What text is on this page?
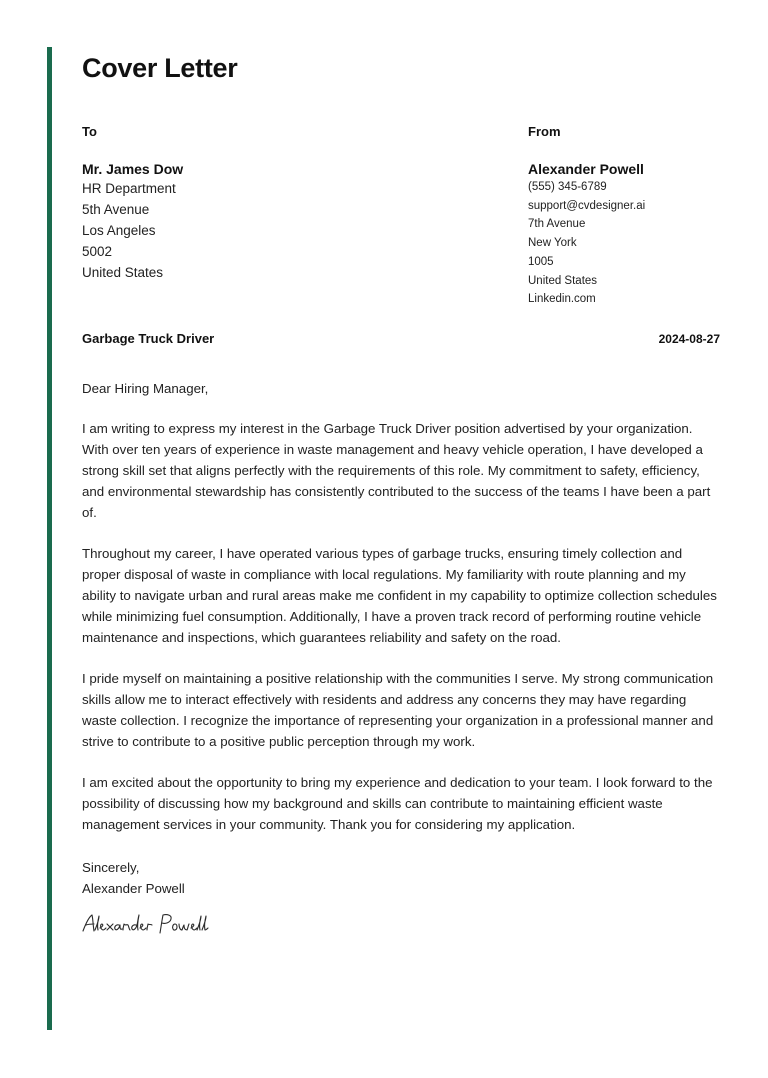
Cover Letter
To
Mr. James Dow
HR Department
5th Avenue
Los Angeles
5002
United States
From
Alexander Powell
(555) 345-6789
support@cvdesigner.ai
7th Avenue
New York
1005
United States
Linkedin.com
Garbage Truck Driver	2024-08-27

Dear Hiring Manager,

I am writing to express my interest in the Garbage Truck Driver position advertised by your organization. With over ten years of experience in waste management and heavy vehicle operation, I have developed a strong skill set that aligns perfectly with the requirements of this role. My commitment to safety, efficiency, and environmental stewardship has consistently contributed to the success of the teams I have been a part of.

Throughout my career, I have operated various types of garbage trucks, ensuring timely collection and proper disposal of waste in compliance with local regulations. My familiarity with route planning and my ability to navigate urban and rural areas make me confident in my capability to optimize collection schedules while minimizing fuel consumption. Additionally, I have a proven track record of performing routine vehicle maintenance and inspections, which guarantees reliability and safety on the road.

I pride myself on maintaining a positive relationship with the communities I serve. My strong communication skills allow me to interact effectively with residents and address any concerns they may have regarding waste collection. I recognize the importance of representing your organization in a professional manner and strive to contribute to a positive public perception through my work.

I am excited about the opportunity to bring my experience and dedication to your team. I look forward to the possibility of discussing how my background and skills can contribute to maintaining efficient waste management services in your community. Thank you for considering my application.

Sincerely,
Alexander Powell
